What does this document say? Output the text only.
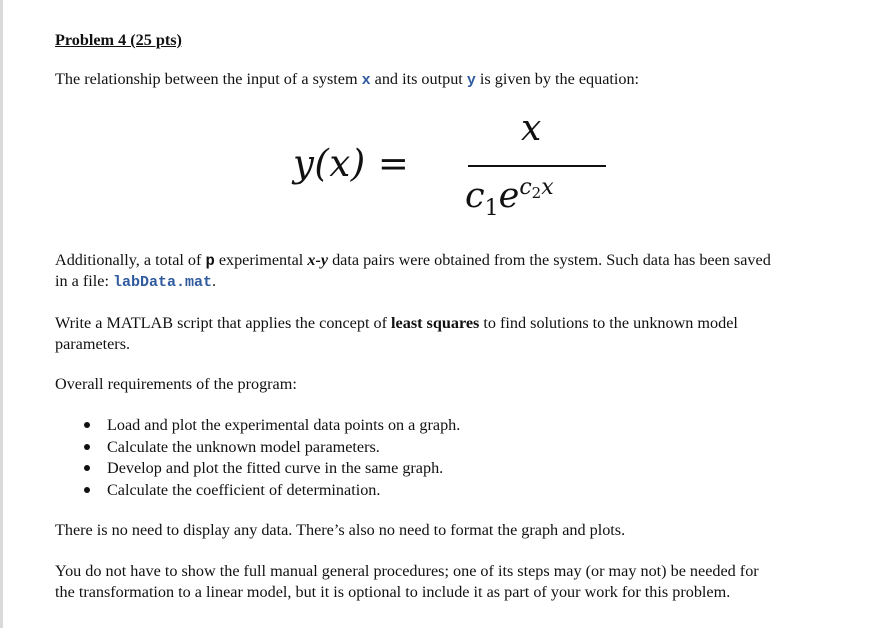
Problem 4 (25 pts)
The relationship between the input of a system x and its output y is given by the equation:
y(x) =
x
$c_1e^{c2x}$
Additionally, a total of p experimental x-y data pairs were obtained from the system. Such data has been saved
in a file: labData.mat.
Write a MATLAB script that applies the concept of least squares to find solutions to the unknown model
parameters.
Overall requirements of the program:
Load and plot the experimental data points on a graph.
Calculate the unknown model parameters.
Develop and plot the fitted curve in the same graph.
Calculate the coefficient of determination.
There is no need to display any data. There’s also no need to format the graph and plots.
You do not have to show the full manual general procedures; one of its steps may (or may not) be needed for
the transformation to a linear model, but it is optional to include it as part of your work for this problem.
